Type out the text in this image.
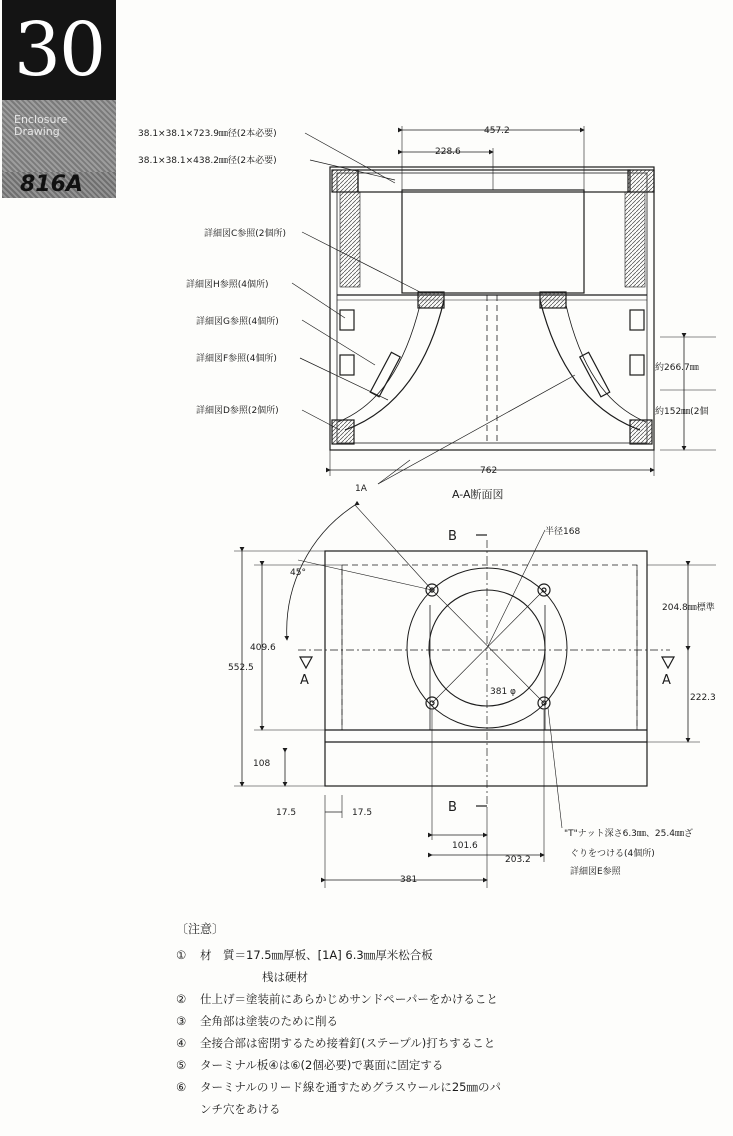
30
Enclosure Drawing
816A
38.1×38.1×723.9㎜径(2本必要)
38.1×38.1×438.2㎜径(2本必要)
詳細図C参照(2個所)
詳細図H参照(4個所)
詳細図G参照(4個所)
詳細図F参照(4個所)
詳細図D参照(2個所)
457.2
228.6
762
約266.7㎜
約152㎜(2個
1A	A-A断面図
45°
409.6
552.5
108
17.5	17.5
204.8㎜標準
222.3
101.6
203.2
381
381 φ
半径168
B
B
A	A
"T"ナット深さ6.3㎜、25.4㎜ざ
ぐりをつける(4個所)
詳細図E参照
〔注意〕
①	材　質＝17.5㎜厚板、[1A] 6.3㎜厚米松合板
桟は硬材
②	仕上げ＝塗装前にあらかじめサンドペーパーをかけること
③	全角部は塗装のために削る
④	全接合部は密閉するため接着釘(ステープル)打ちすること
⑤	ターミナル板④は⑥(2個必要)で裏面に固定する
⑥	ターミナルのリード線を通すためグラスウールに25㎜のパ
ンチ穴をあける
